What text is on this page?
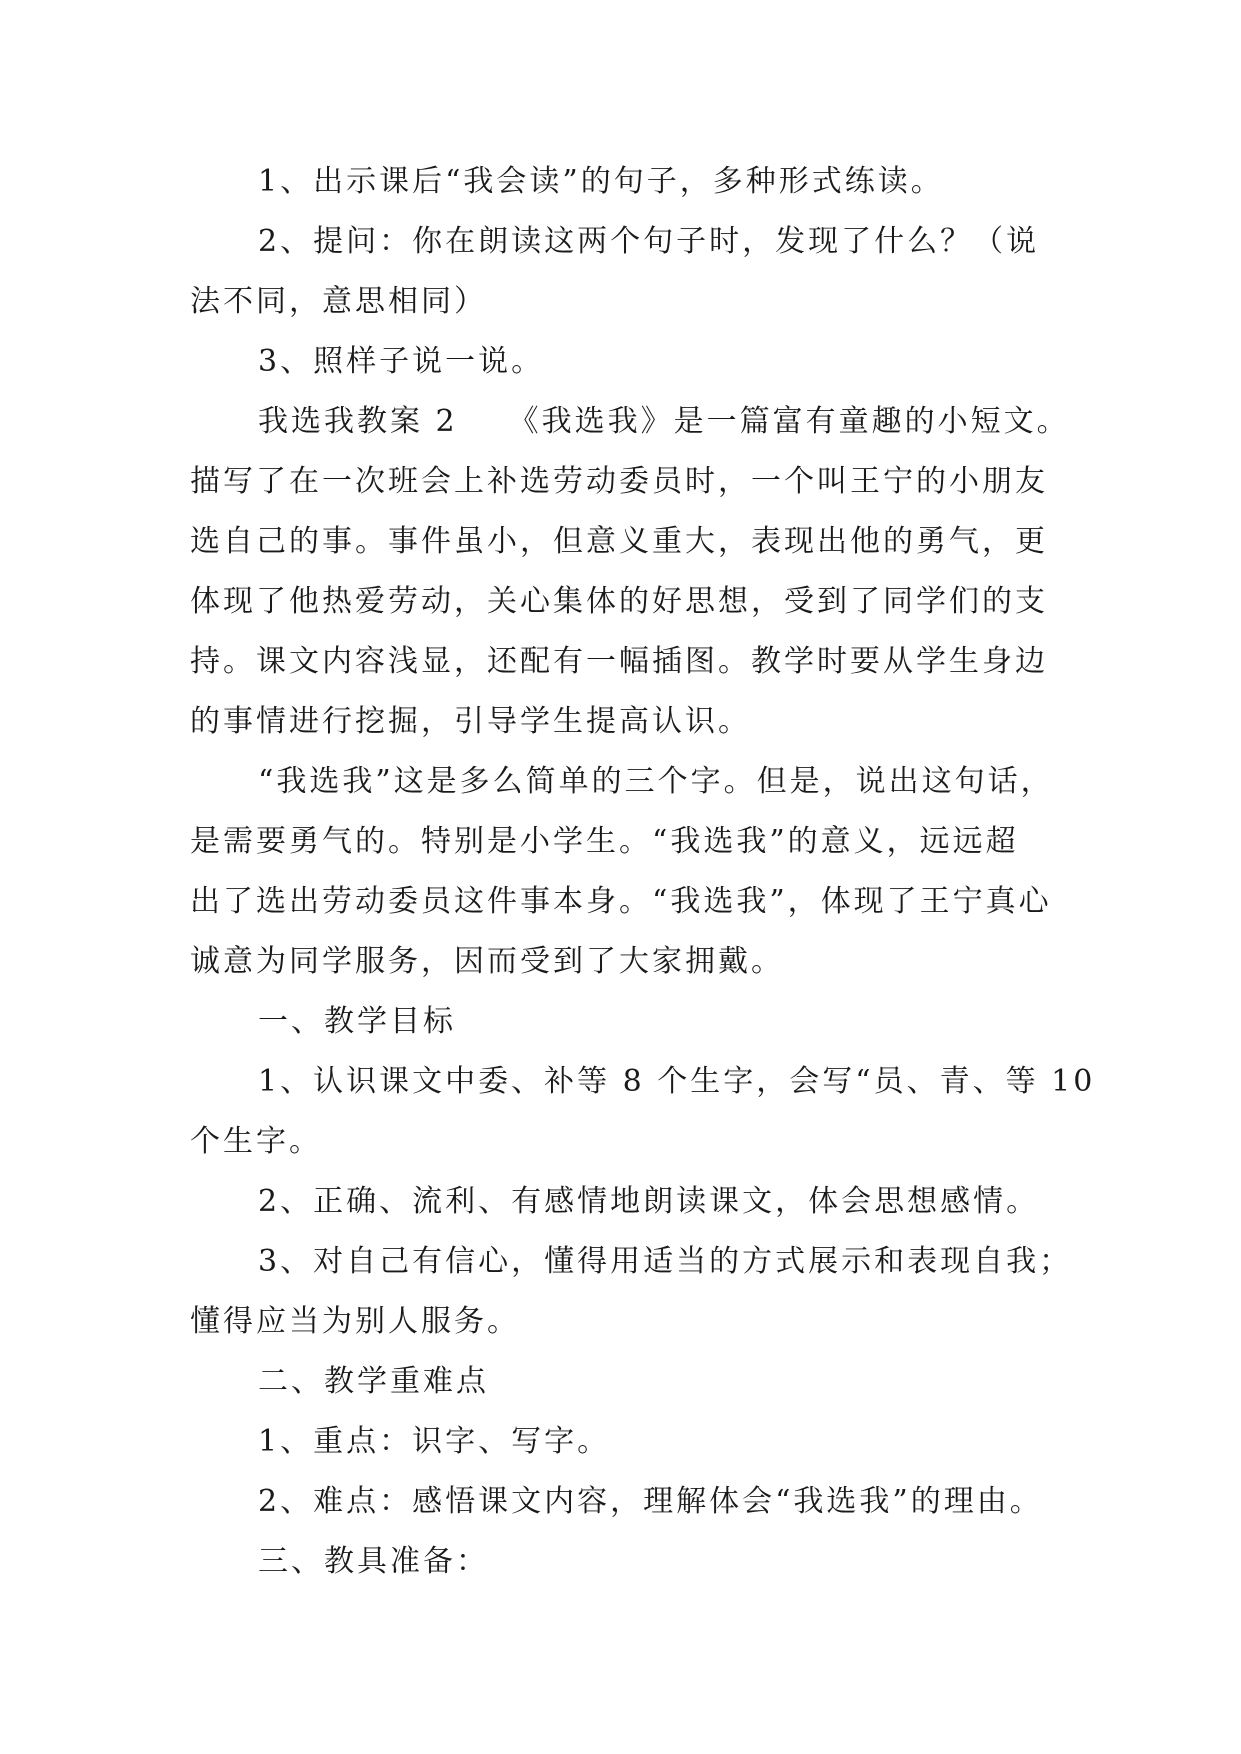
1、出示课后“我会读”的句子，多种形式练读。

2、提问：你在朗读这两个句子时，发现了什么？（说
法不同，意思相同）

3、照样子说一说。

我选我教案 2　　《我选我》是一篇富有童趣的小短文。
描写了在一次班会上补选劳动委员时，一个叫王宁的小朋友
选自己的事。事件虽小，但意义重大，表现出他的勇气，更
体现了他热爱劳动，关心集体的好思想，受到了同学们的支
持。课文内容浅显，还配有一幅插图。教学时要从学生身边
的事情进行挖掘，引导学生提高认识。

“我选我”这是多么简单的三个字。但是，说出这句话，
是需要勇气的。特别是小学生。“我选我”的意义，远远超
出了选出劳动委员这件事本身。“我选我”，体现了王宁真心
诚意为同学服务，因而受到了大家拥戴。

一、教学目标

1、认识课文中委、补等 8 个生字，会写“员、青、等 10
个生字。

2、正确、流利、有感情地朗读课文，体会思想感情。

3、对自己有信心，懂得用适当的方式展示和表现自我；
懂得应当为别人服务。

二、教学重难点

1、重点：识字、写字。

2、难点：感悟课文内容，理解体会“我选我”的理由。

三、教具准备：
